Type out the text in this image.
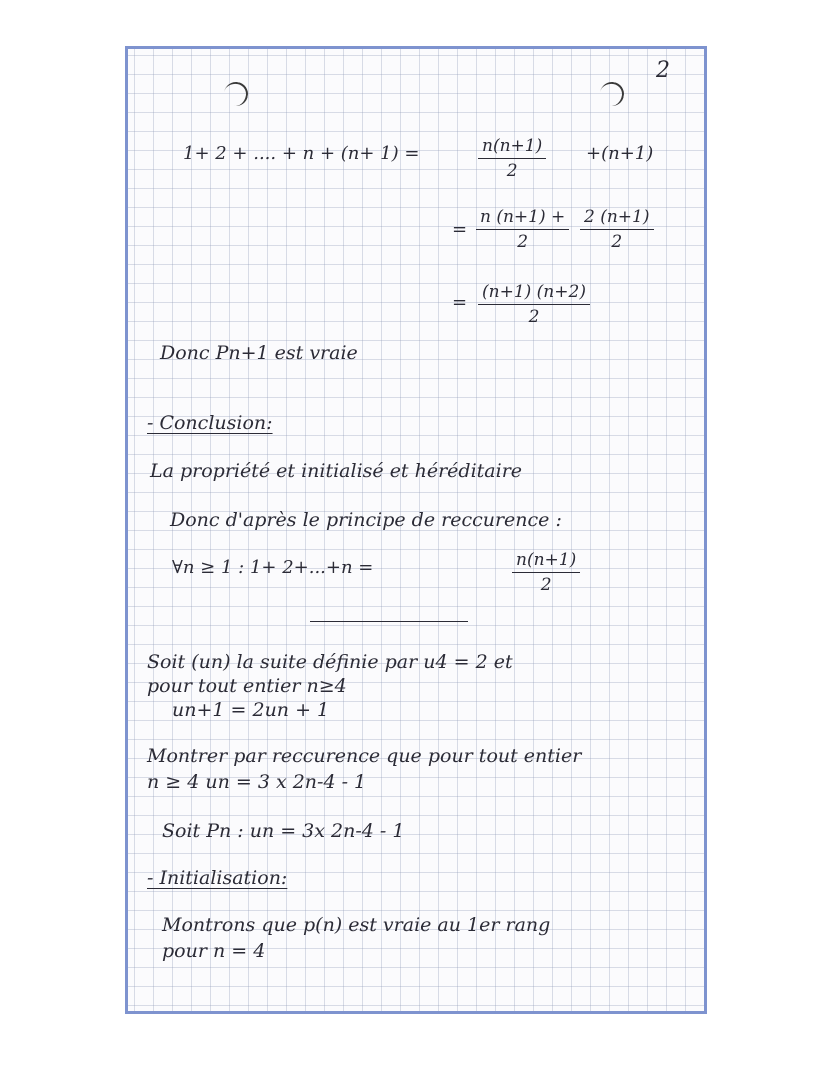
2
1+ 2 + .... + n + (n+ 1) =	$\frac{n(n+1)}{2} +(n+1)$
= $\frac{n (n+1) +}{2} \frac{2 (n+1)}{2}$
= $\frac{(n+1) (n+2)}{2}$
Donc Pn+1 est vraie
- Conclusion:
La propriété et initialisé et héréditaire
Donc d'après le principe de reccurence :
∀n ≥ 1 : 1+ 2+...+n =	$\frac{n(n+1)}{2}$
Soit (un) la suite définie par u4 = 2 et
pour tout entier n≥4
un+1 = 2un + 1
Montrer par reccurence que pour tout entier
n ≥ 4 un = 3 x 2n-4 - 1
Soit Pn : un = 3x 2n-4 - 1
- Initialisation:
Montrons que p(n) est vraie au 1er rang
pour n = 4
